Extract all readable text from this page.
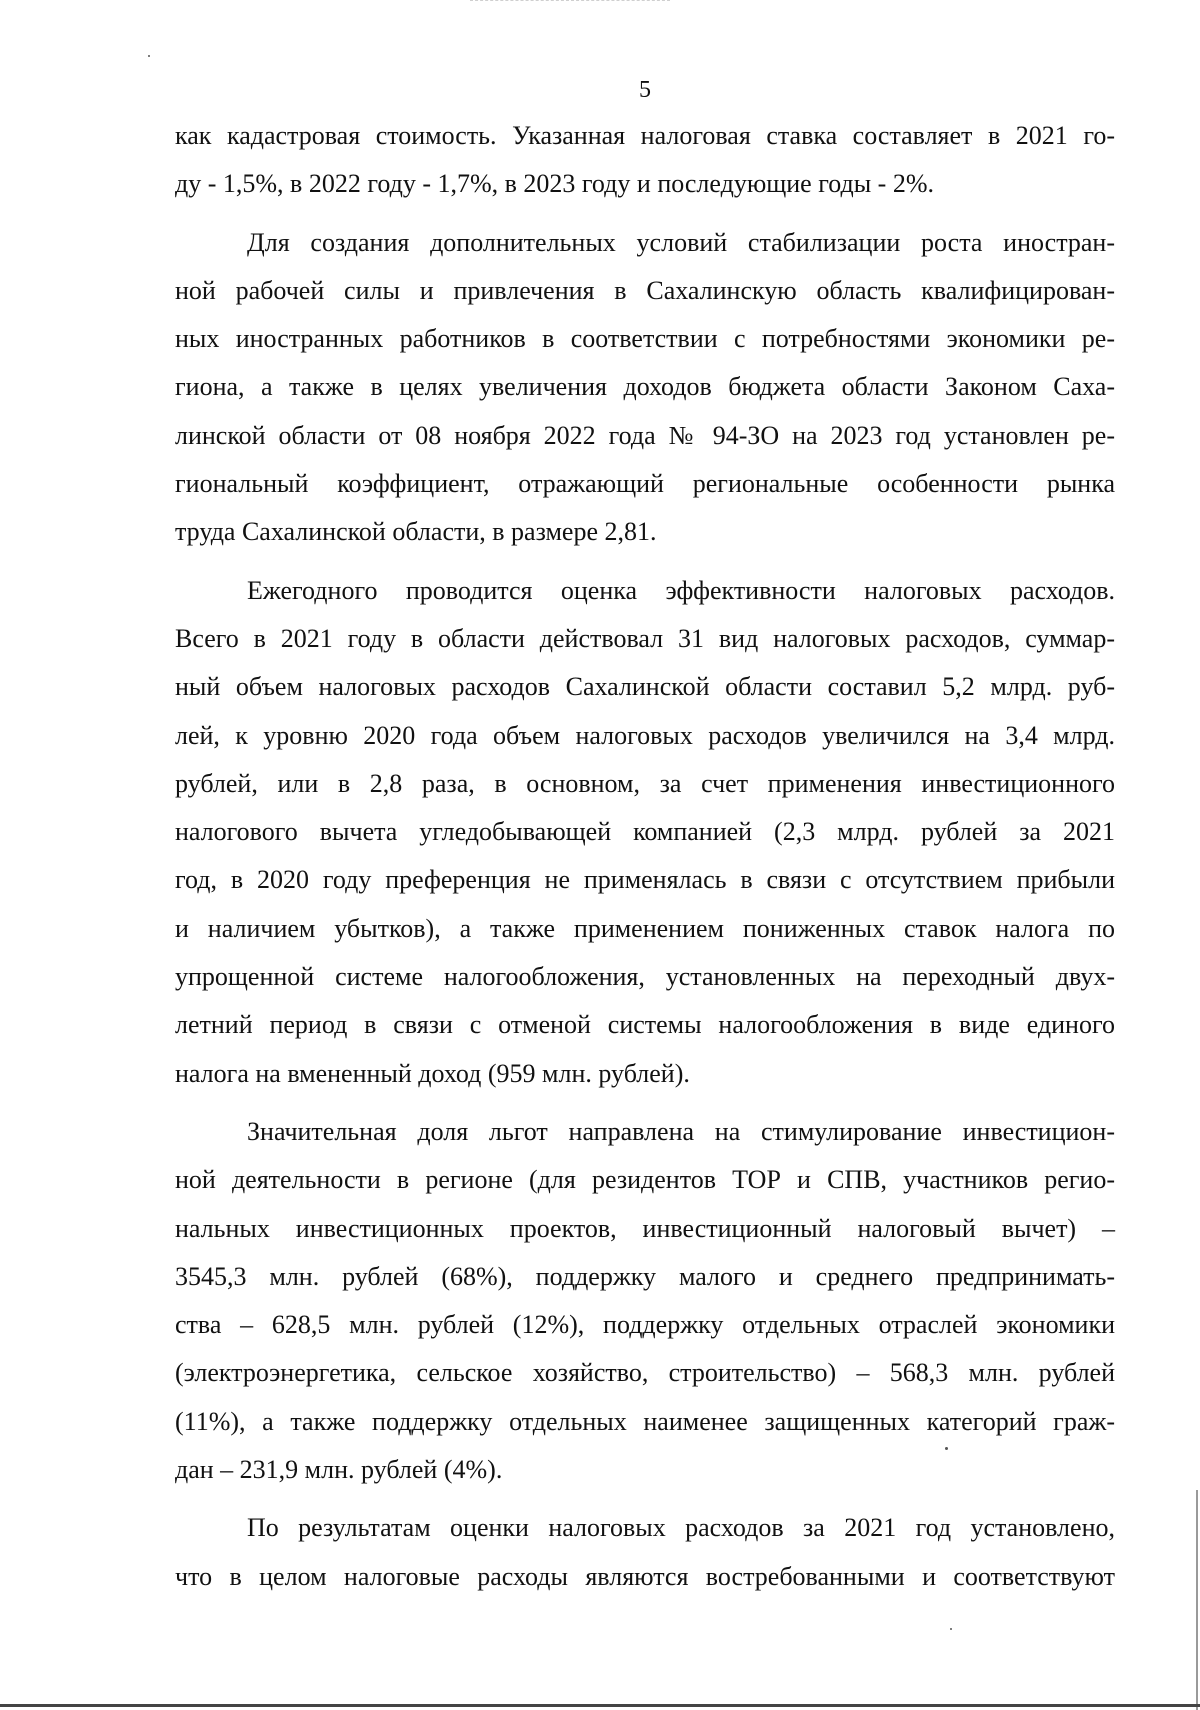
5

как кадастровая стоимость. Указанная налоговая ставка составляет в 2021 го-
ду - 1,5%, в 2022 году - 1,7%, в 2023 году и последующие годы - 2%.

Для создания дополнительных условий стабилизации роста иностран-
ной рабочей силы и привлечения в Сахалинскую область квалифицирован-
ных иностранных работников в соответствии с потребностями экономики ре-
гиона, а также в целях увеличения доходов бюджета области Законом Саха-
линской области от 08 ноября 2022 года № 94-ЗО на 2023 год установлен ре-
гиональный коэффициент, отражающий региональные особенности рынка
труда Сахалинской области, в размере 2,81.

Ежегодного проводится оценка эффективности налоговых расходов.
Всего в 2021 году в области действовал 31 вид налоговых расходов, суммар-
ный объем налоговых расходов Сахалинской области составил 5,2 млрд. руб-
лей, к уровню 2020 года объем налоговых расходов увеличился на 3,4 млрд.
рублей, или в 2,8 раза, в основном, за счет применения инвестиционного
налогового вычета угледобывающей компанией (2,3 млрд. рублей за 2021
год, в 2020 году преференция не применялась в связи с отсутствием прибыли
и наличием убытков), а также применением пониженных ставок налога по
упрощенной системе налогообложения, установленных на переходный двух-
летний период в связи с отменой системы налогообложения в виде единого
налога на вмененный доход (959 млн. рублей).

Значительная доля льгот направлена на стимулирование инвестицион-
ной деятельности в регионе (для резидентов ТОР и СПВ, участников регио-
нальных инвестиционных проектов, инвестиционный налоговый вычет) –
3545,3 млн. рублей (68%), поддержку малого и среднего предпринимать-
ства – 628,5 млн. рублей (12%), поддержку отдельных отраслей экономики
(электроэнергетика, сельское хозяйство, строительство) – 568,3 млн. рублей
(11%), а также поддержку отдельных наименее защищенных категорий граж-
дан – 231,9 млн. рублей (4%).

По результатам оценки налоговых расходов за 2021 год установлено,
что в целом налоговые расходы являются востребованными и соответствуют
